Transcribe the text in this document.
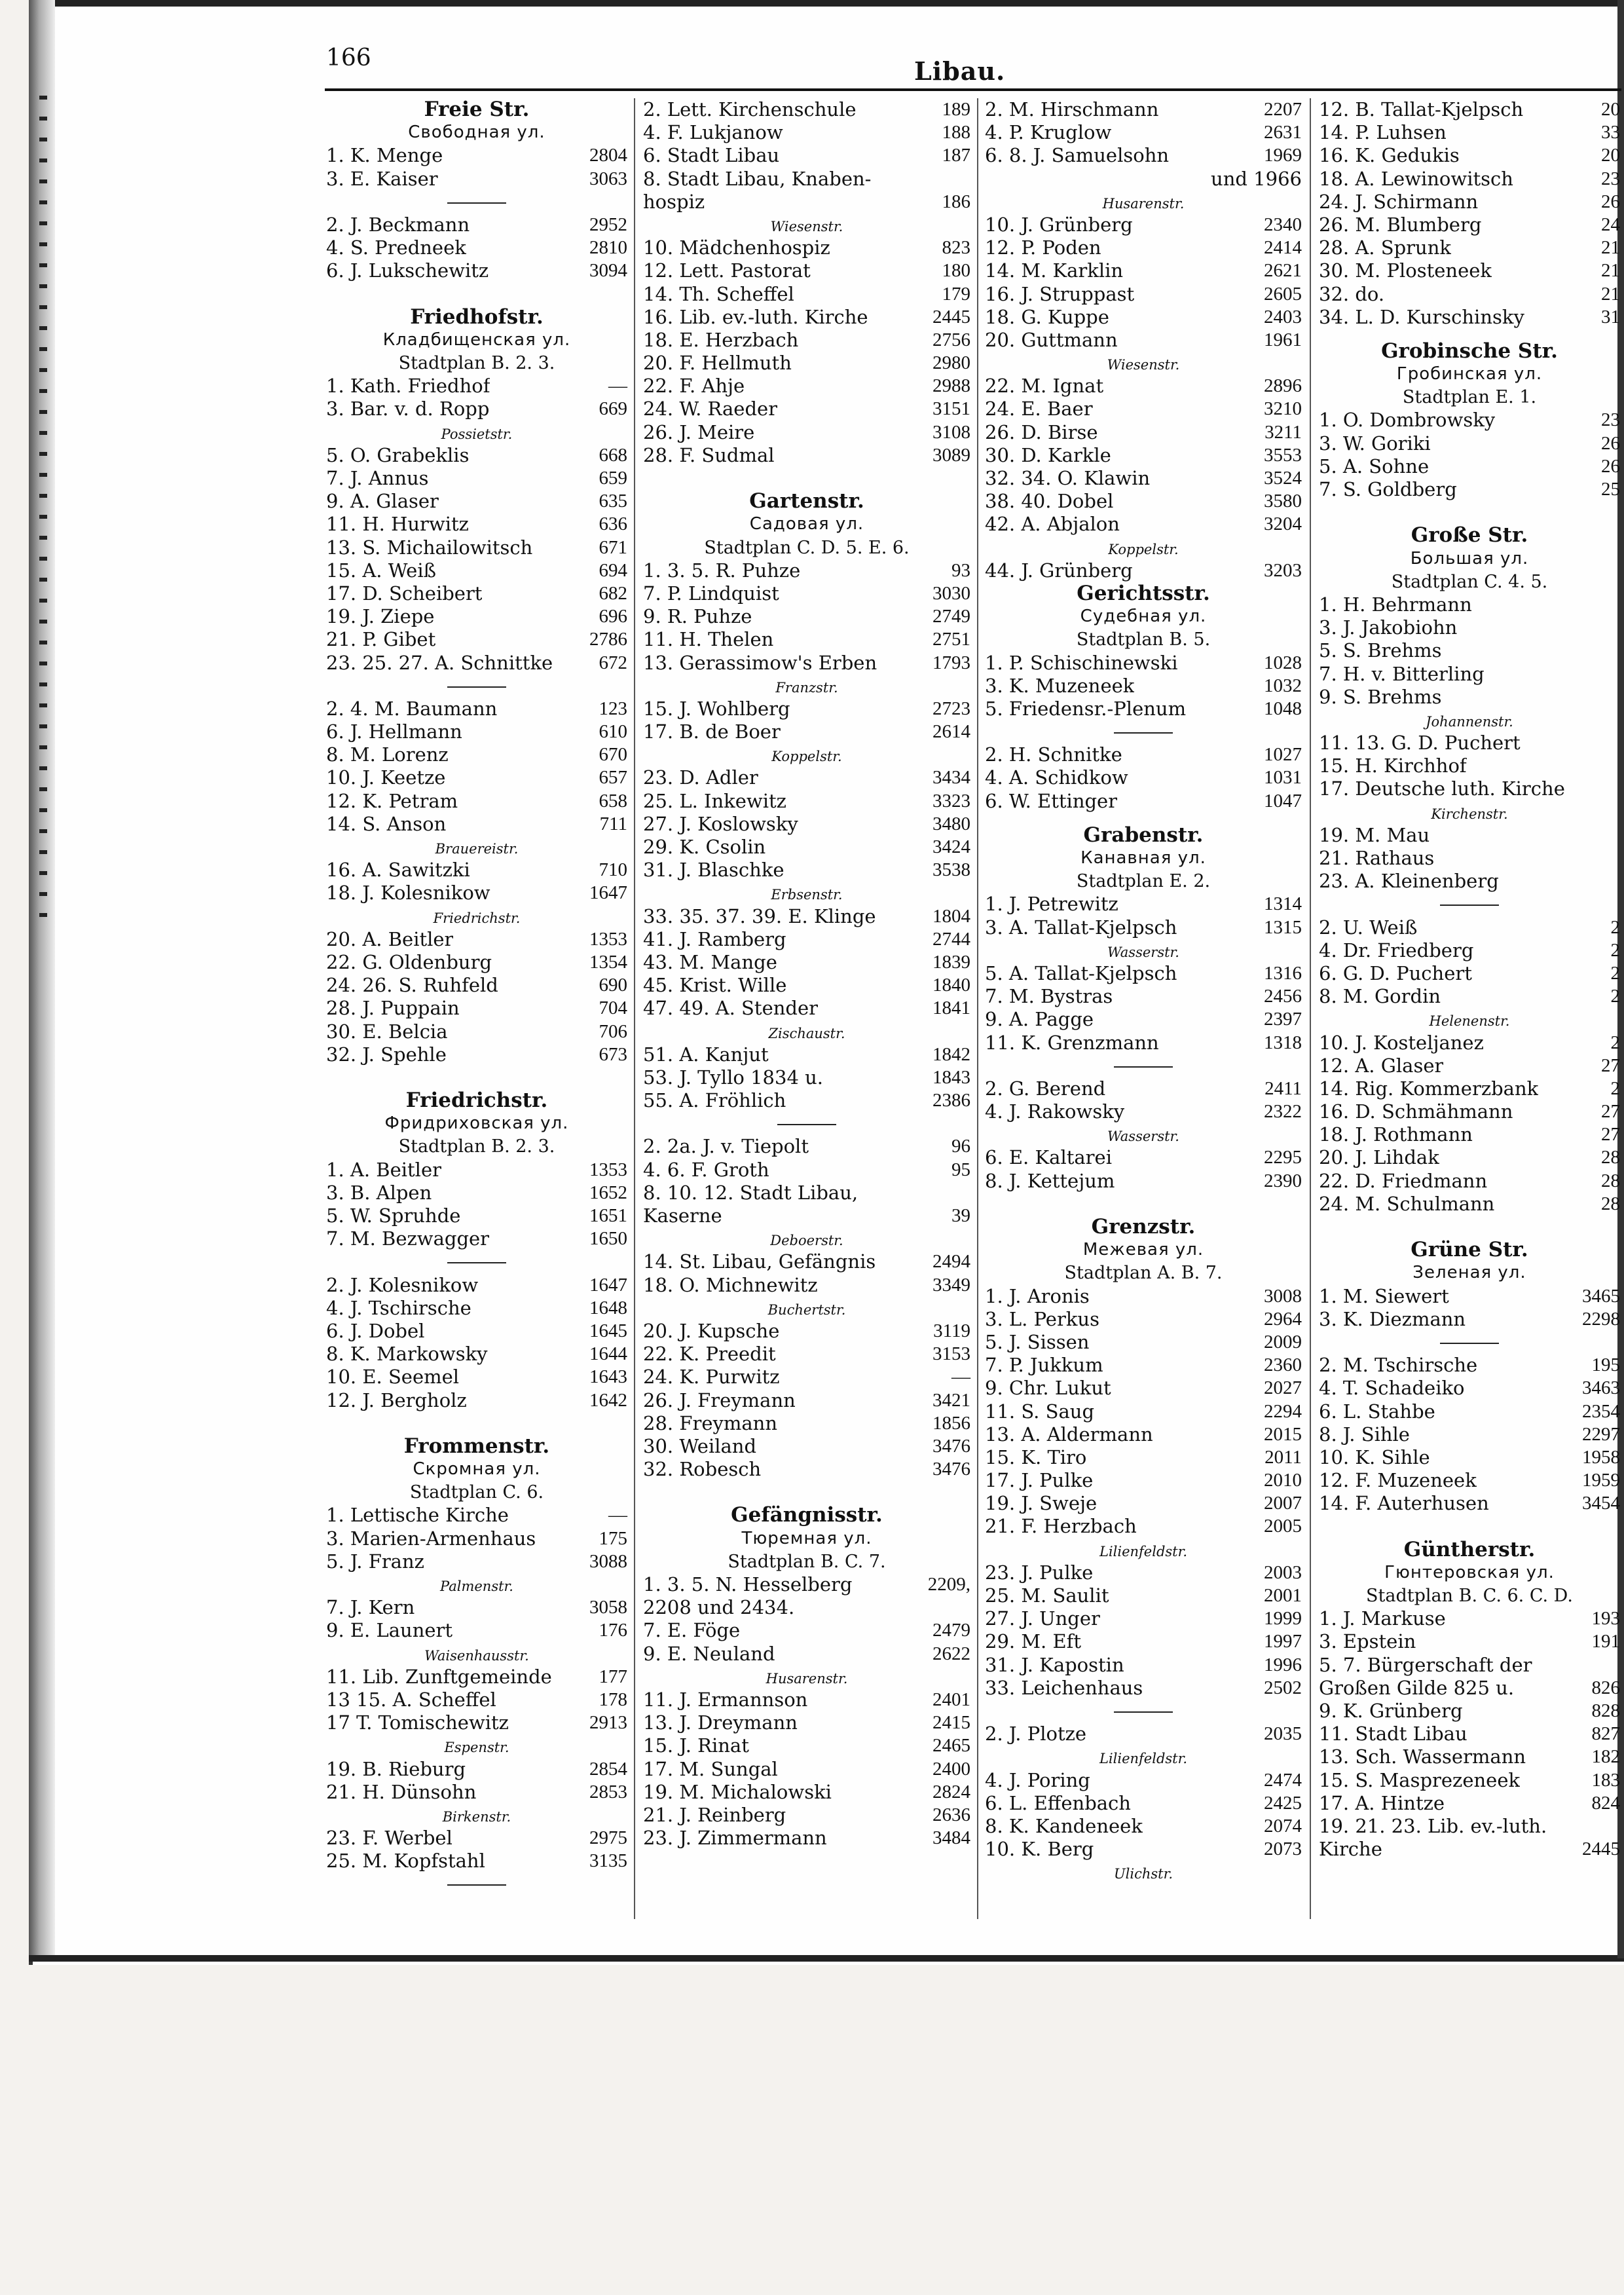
166	Libau.
Freie Str.
Свободная ул.
1. K. Menge	2804
3. E. Kaiser	3063
2. J. Beckmann	2952
4. S. Predneek	2810
6. J. Lukschewitz	3094
Friedhofstr.
Кладбищенская ул.
Stadtplan B. 2. 3.
1. Kath. Friedhof	—
3. Bar. v. d. Ropp	669
Possietstr.
5. O. Grabeklis	668
7. J. Annus	659
9. A. Glaser	635
11. H. Hurwitz	636
13. S. Michailowitsch	671
15. A. Weiß	694
17. D. Scheibert	682
19. J. Ziepe	696
21. P. Gibet	2786
23. 25. 27. A. Schnittke 672
2. 4. M. Baumann	123
6. J. Hellmann	610
8. M. Lorenz	670
10. J. Keetze	657
12. K. Petram	658
14. S. Anson	711
Brauereistr.
16. A. Sawitzki	710
18. J. Kolesnikow	1647
Friedrichstr.
20. A. Beitler	1353
22. G. Oldenburg	1354
24. 26. S. Ruhfeld	690
28. J. Puppain	704
30. E. Belcia	706
32. J. Spehle	673
Friedrichstr.
Фридриховская ул.
Stadtplan B. 2. 3.
1. A. Beitler	1353
3. B. Alpen	1652
5. W. Spruhde	1651
7. M. Bezwagger	1650
2. J. Kolesnikow	1647
4. J. Tschirsche	1648
6. J. Dobel	1645
8. K. Markowsky	1644
10. E. Seemel	1643
12. J. Bergholz	1642
Frommenstr.
Скромная ул.
Stadtplan C. 6.
1. Lettische Kirche	—
3. Marien-Armenhaus	175
5. J. Franz	3088
Palmenstr.
7. J. Kern	3058
9. E. Launert	176
Waisenhausstr.
11. Lib. Zunftgemeinde 177
13 15. A. Scheffel	178
17 T. Tomischewitz	2913
Espenstr.
19. B. Rieburg	2854
21. H. Dünsohn	2853
Birkenstr.
23. F. Werbel	2975
25. M. Kopfstahl	3135
2. Lett. Kirchenschule	189
4. F. Lukjanow	188
6. Stadt Libau	187
8. Stadt Libau, Knaben-
hospiz	186
Wiesenstr.
10. Mädchenhospiz	823
12. Lett. Pastorat	180
14. Th. Scheffel	179
16. Lib. ev.-luth. Kirche	2445
18. E. Herzbach	2756
20. F. Hellmuth	2980
22. F. Ahje	2988
24. W. Raeder	3151
26. J. Meire	3108
28. F. Sudmal	3089
Gartenstr.
Садовая ул.
Stadtplan C. D. 5. E. 6.
1. 3. 5. R. Puhze	93
7. P. Lindquist	3030
9. R. Puhze	2749
11. H. Thelen	2751
13. Gerassimow's Erben	1793
Franzstr.
15. J. Wohlberg	2723
17. B. de Boer	2614
Koppelstr.
23. D. Adler	3434
25. L. Inkewitz	3323
27. J. Koslowsky	3480
29. K. Csolin	3424
31. J. Blaschke	3538
Erbsenstr.
33. 35. 37. 39. E. Klinge	1804
41. J. Ramberg	2744
43. M. Mange	1839
45. Krist. Wille	1840
47. 49. A. Stender	1841
Zischaustr.
51. A. Kanjut	1842
53. J. Tyllo 1834 u.	1843
55. A. Fröhlich	2386
2. 2a. J. v. Tiepolt	96
4. 6. F. Groth	95
8. 10. 12. Stadt Libau,
Kaserne	39
Deboerstr.
14. St. Libau, Gefängnis	2494
18. O. Michnewitz	3349
Buchertstr.
20. J. Kupsche	3119
22. K. Preedit	3153
24. K. Purwitz	—
26. J. Freymann	3421
28. Freymann	1856
30. Weiland	3476
32. Robesch	3476
Gefängnisstr.
Тюремная ул.
Stadtplan B. C. 7.
1. 3. 5. N. Hesselberg	2209,
2208 und 2434.
7. E. Föge	2479
9. E. Neuland	2622
Husarenstr.
11. J. Ermannson	2401
13. J. Dreymann	2415
15. J. Rinat	2465
17. M. Sungal	2400
19. M. Michalowski	2824
21. J. Reinberg	2636
23. J. Zimmermann	3484
2. M. Hirschmann	2207
4. P. Kruglow	2631
6. 8. J. Samuelsohn	1969
und 1966
Husarenstr.
10. J. Grünberg	2340
12. P. Poden	2414
14. M. Karklin	2621
16. J. Struppast	2605
18. G. Kuppe	2403
20. Guttmann	1961
Wiesenstr.
22. M. Ignat	2896
24. E. Baer	3210
26. D. Birse	3211
30. D. Karkle	3553
32. 34. O. Klawin	3524
38. 40. Dobel	3580
42. A. Abjalon	3204
Koppelstr.
44. J. Grünberg	3203
Gerichtsstr.
Судебная ул.
Stadtplan B. 5.
1. P. Schischinewski	1028
3. K. Muzeneek	1032
5. Friedensr.-Plenum	1048
2. H. Schnitke	1027
4. A. Schidkow	1031
6. W. Ettinger	1047
Grabenstr.
Канавная ул.
Stadtplan E. 2.
1. J. Petrewitz	1314
3. A. Tallat-Kjelpsch	1315
Wasserstr.
5. A. Tallat-Kjelpsch	1316
7. M. Bystras	2456
9. A. Pagge	2397
11. K. Grenzmann	1318
2. G. Berend	2411
4. J. Rakowsky	2322
Wasserstr.
6. E. Kaltarei	2295
8. J. Kettejum	2390
Grenzstr.
Межевая ул.
Stadtplan A. B. 7.
1. J. Aronis	3008
3. L. Perkus	2964
5. J. Sissen	2009
7. P. Jukkum	2360
9. Chr. Lukut	2027
11. S. Saug	2294
13. A. Aldermann	2015
15. K. Tiro	2011
17. J. Pulke	2010
19. J. Sweje	2007
21. F. Herzbach	2005
Lilienfeldstr.
23. J. Pulke	2003
25. M. Saulit	2001
27. J. Unger	1999
29. M. Eft	1997
31. J. Kapostin	1996
33. Leichenhaus	2502
2. J. Plotze	2035
Lilienfeldstr.
4. J. Poring	2474
6. L. Effenbach	2425
8. K. Kandeneek	2074
10. K. Berg	2073
Ulichstr.
12. B. Tallat-Kjelpsch	20
14. P. Luhsen	33
16. K. Gedukis	20
18. A. Lewinowitsch	23
24. J. Schirmann	26
26. M. Blumberg	24
28. A. Sprunk	21
30. M. Plosteneek	21
32. do.	21
34. L. D. Kurschinsky	31
Grobinsche Str.
Гробинская ул.
Stadtplan E. 1.
1. O. Dombrowsky	23
3. W. Goriki	26
5. A. Sohne	26
7. S. Goldberg	25
Große Str.
Большая ул.
Stadtplan C. 4. 5.
1. H. Behrmann
3. J. Jakobiohn
5. S. Brehms
7. H. v. Bitterling
9. S. Brehms
Johannenstr.
11. 13. G. D. Puchert
15. H. Kirchhof
17. Deutsche luth. Kirche
Kirchenstr.
19. M. Mau
21. Rathaus
23. A. Kleinenberg
2. U. Weiß	2
4. Dr. Friedberg	2
6. G. D. Puchert	2
8. M. Gordin	2
Helenenstr.
10. J. Kosteljanez	2
12. A. Glaser	27
14. Rig. Kommerzbank	2
16. D. Schmähmann	27
18. J. Rothmann	27
20. J. Lihdak	28
22. D. Friedmann	28
24. M. Schulmann	28
Grüne Str.
Зеленая ул.
1. M. Siewert	3465
3. K. Diezmann	2298
2. M. Tschirsche	195
4. T. Schadeiko	3463
6. L. Stahbe	2354
8. J. Sihle	2297
10. K. Sihle	1958
12. F. Muzeneek	1959
14. F. Auterhusen	3454
Güntherstr.
Гюнтеровская ул.
Stadtplan B. C. 6. C. D.
1. J. Markuse	193
3. Epstein	191
5. 7. Bürgerschaft der
Großen Gilde 825 u.	826
9. K. Grünberg	828
11. Stadt Libau	827
13. Sch. Wassermann	182
15. S. Masprezeneek	183
17. A. Hintze	824
19. 21. 23. Lib. ev.-luth.
Kirche	2445
